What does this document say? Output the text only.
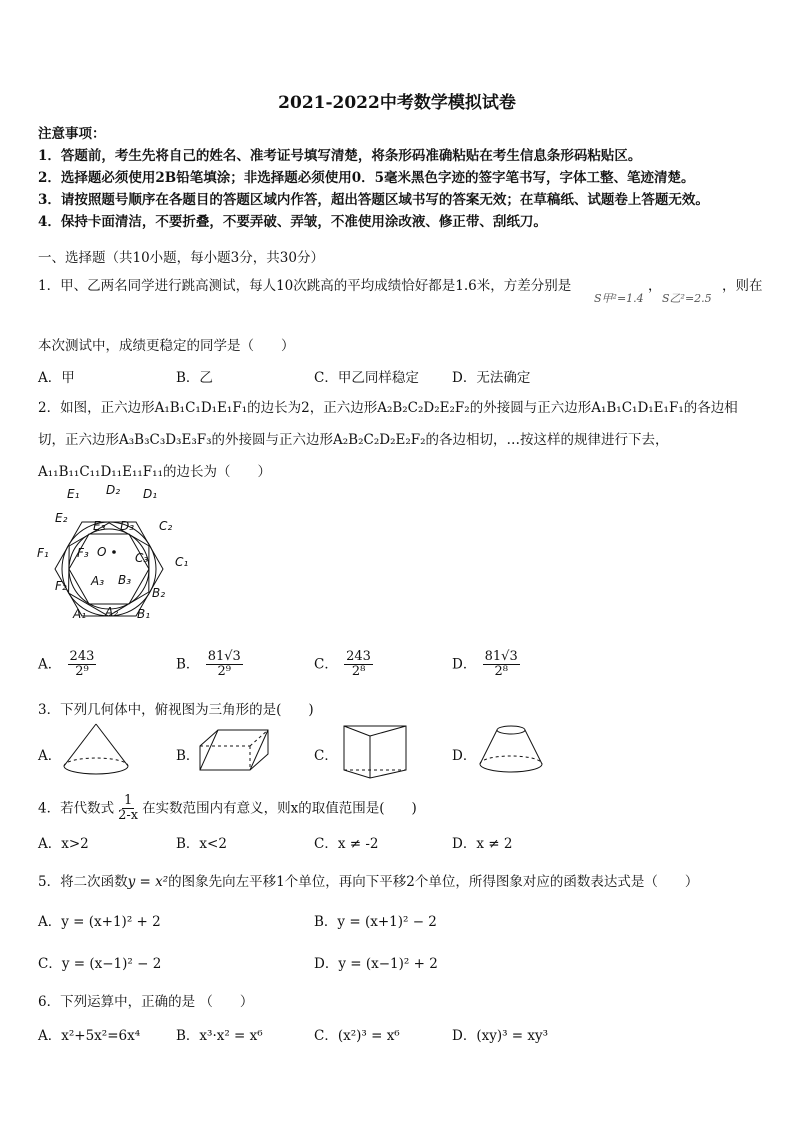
2021-2022中考数学模拟试卷
注意事项：
1．答题前，考生先将自己的姓名、准考证号填写清楚，将条形码准确粘贴在考生信息条形码粘贴区。
2．选择题必须使用2B铅笔填涂；非选择题必须使用0．5毫米黑色字迹的签字笔书写，字体工整、笔迹清楚。
3．请按照题号顺序在各题目的答题区域内作答，超出答题区域书写的答案无效；在草稿纸、试题卷上答题无效。
4．保持卡面清洁，不要折叠，不要弄破、弄皱，不准使用涂改液、修正带、刮纸刀。
一、选择题（共10小题，每小题3分，共30分）
1．甲、乙两名同学进行跳高测试，每人10次跳高的平均成绩恰好都是1.6米，方差分别是
S甲²=1.4
，
S乙²=2.5
，则在
本次测试中，成绩更稳定的同学是（　　）
A．甲	B．乙	C．甲乙同样稳定 D．无法确定
2．如图，正六边形A₁B₁C₁D₁E₁F₁的边长为2，正六边形A₂B₂C₂D₂E₂F₂的外接圆与正六边形A₁B₁C₁D₁E₁F₁的各边相
切，正六边形A₃B₃C₃D₃E₃F₃的外接圆与正六边形A₂B₂C₂D₂E₂F₂的各边相切，…按这样的规律进行下去，
A₁₁B₁₁C₁₁D₁₁E₁₁F₁₁的边长为（　　）
E₁ D₂ D₁
E₂
C₂
E₃ D₃
F₁ F₃ O C₃ C₁
F₂ A₃ B₃
B₂
A₁ A₂ B₁
A． $\frac{243}{\text{2⁹}}$	B． $\frac{81√3}{\text{2⁹}}$	C． $\frac{243}{\text{2⁸}}$	D． $\frac{81√3}{\text{2⁸}}$
3．下列几何体中，俯视图为三角形的是(　　)
A．	B．	C．	D．
4．若代数式 $\frac{1}{2-x}$ 在实数范围内有意义，则x的取值范围是(　　)
A．x>2	B．x<2	C．x ≠ -2	D．x ≠ 2
5．将二次函数y = x²的图象先向左平移1个单位，再向下平移2个单位，所得图象对应的函数表达式是（　　）
A．y = (x+1)² + 2	B．y = (x+1)² − 2
C．y = (x−1)² − 2	D．y = (x−1)² + 2
6．下列运算中，正确的是 （　　）
A．x²+5x²=6x⁴	B．x³·x² = x⁶	C．(x²)³ = x⁶	D．(xy)³ = xy³
